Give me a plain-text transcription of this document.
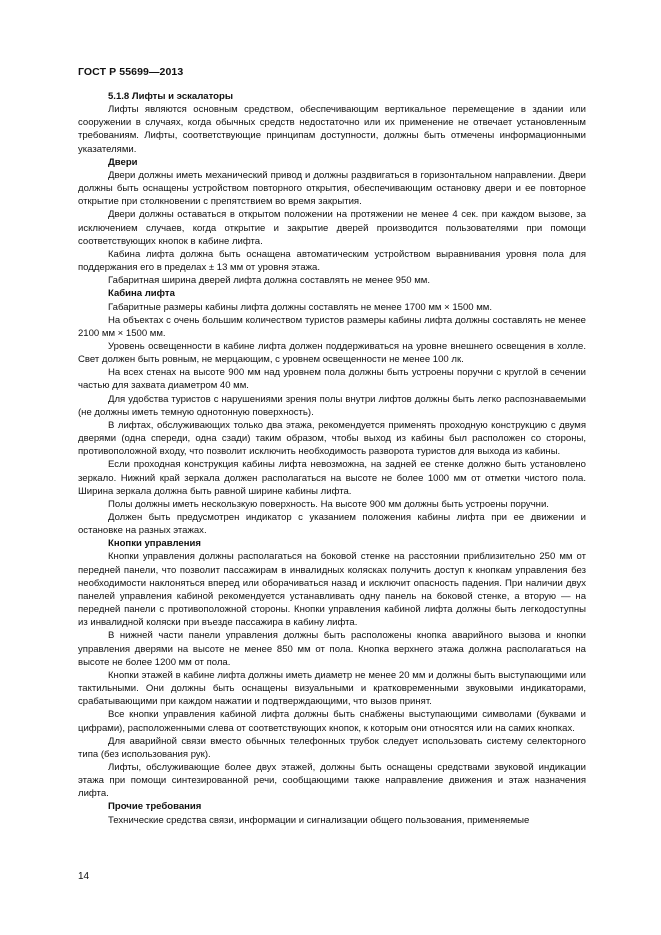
ГОСТ Р 55699—2013

5.1.8 Лифты и эскалаторы

Лифты являются основным средством, обеспечивающим вертикальное перемещение в здании или сооружении в случаях, когда обычных средств недостаточно или их применение не отвечает установленным требованиям. Лифты, соответствующие принципам доступности, должны быть отмечены информационными указателями.

Двери

Двери должны иметь механический привод и должны раздвигаться в горизонтальном направлении. Двери должны быть оснащены устройством повторного открытия, обеспечивающим остановку двери и ее повторное открытие при столкновении с препятствием во время закрытия.

Двери должны оставаться в открытом положении на протяжении не менее 4 сек. при каждом вызове, за исключением случаев, когда открытие и закрытие дверей производится пользователями при помощи соответствующих кнопок в кабине лифта.

Кабина лифта должна быть оснащена автоматическим устройством выравнивания уровня пола для поддержания его в пределах ± 13 мм от уровня этажа.

Габаритная ширина дверей лифта должна составлять не менее 950 мм.

Кабина лифта

Габаритные размеры кабины лифта должны составлять не менее 1700 мм × 1500 мм.

На объектах с очень большим количеством туристов размеры кабины лифта должны составлять не менее 2100 мм × 1500 мм.

Уровень освещенности в кабине лифта должен поддерживаться на уровне внешнего освещения в холле. Свет должен быть ровным, не мерцающим, с уровнем освещенности не менее 100 лк.

На всех стенах на высоте 900 мм над уровнем пола должны быть устроены поручни с круглой в сечении частью для захвата диаметром 40 мм.

Для удобства туристов с нарушениями зрения полы внутри лифтов должны быть легко распознаваемыми (не должны иметь темную однотонную поверхность).

В лифтах, обслуживающих только два этажа, рекомендуется применять проходную конструкцию с двумя дверями (одна спереди, одна сзади) таким образом, чтобы выход из кабины был расположен со стороны, противоположной входу, что позволит исключить необходимость разворота туристов для выхода из кабины.

Если проходная конструкция кабины лифта невозможна, на задней ее стенке должно быть установлено зеркало. Нижний край зеркала должен располагаться на высоте не более 1000 мм от отметки чистого пола. Ширина зеркала должна быть равной ширине кабины лифта.

Полы должны иметь нескользкую поверхность. На высоте 900 мм должны быть устроены поручни.

Должен быть предусмотрен индикатор с указанием положения кабины лифта при ее движении и остановке на разных этажах.

Кнопки управления

Кнопки управления должны располагаться на боковой стенке на расстоянии приблизительно 250 мм от передней панели, что позволит пассажирам в инвалидных колясках получить доступ к кнопкам управления без необходимости наклоняться вперед или оборачиваться назад и исключит опасность падения. При наличии двух панелей управления кабиной рекомендуется устанавливать одну панель на боковой стенке, а вторую — на передней панели с противоположной стороны. Кнопки управления кабиной лифта должны быть легкодоступны из инвалидной коляски при въезде пассажира в кабину лифта.

В нижней части панели управления должны быть расположены кнопка аварийного вызова и кнопки управления дверями на высоте не менее 850 мм от пола. Кнопка верхнего этажа должна располагаться на высоте не более 1200 мм от пола.

Кнопки этажей в кабине лифта должны иметь диаметр не менее 20 мм и должны быть выступающими или тактильными. Они должны быть оснащены визуальными и кратковременными звуковыми индикаторами, срабатывающими при каждом нажатии и подтверждающими, что вызов принят.

Все кнопки управления кабиной лифта должны быть снабжены выступающими символами (буквами и цифрами), расположенными слева от соответствующих кнопок, к которым они относятся или на самих кнопках.

Для аварийной связи вместо обычных телефонных трубок следует использовать систему селекторного типа (без использования рук).

Лифты, обслуживающие более двух этажей, должны быть оснащены средствами звуковой индикации этажа при помощи синтезированной речи, сообщающими также направление движения и этаж назначения лифта.

Прочие требования

Технические средства связи, информации и сигнализации общего пользования, применяемые

14
